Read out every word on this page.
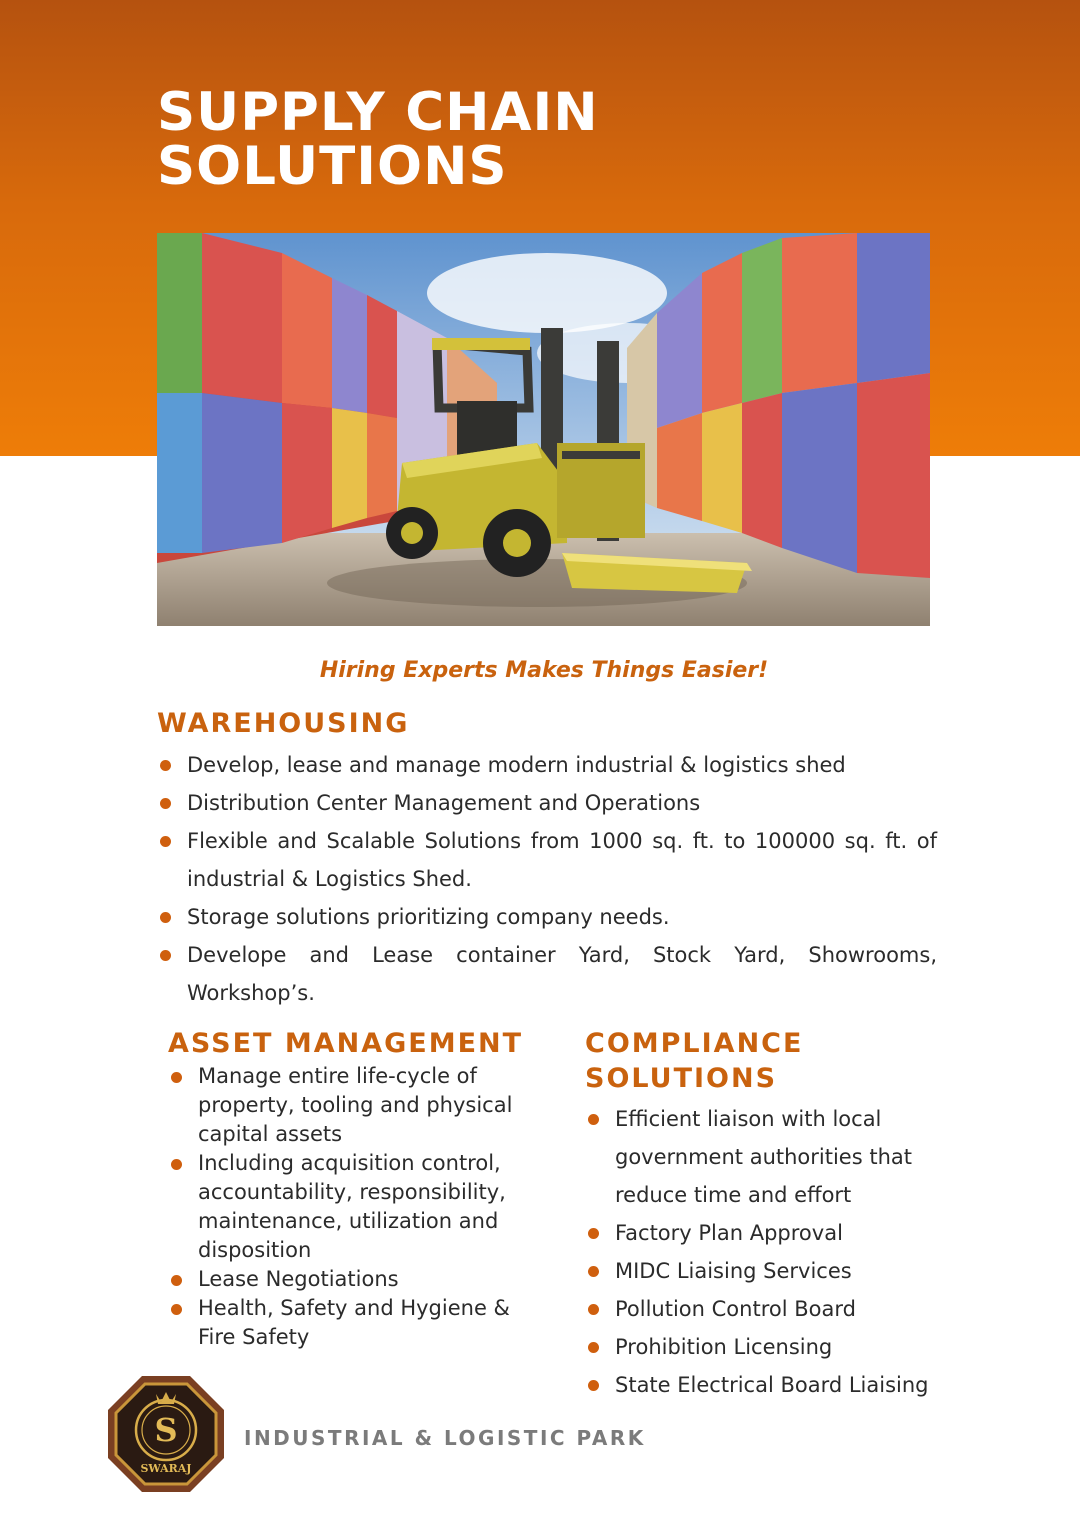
SUPPLY CHAIN
SOLUTIONS

Hiring Experts Makes Things Easier!

WAREHOUSING
Develop, lease and manage modern industrial & logistics shed
Distribution Center Management and Operations
Flexible and Scalable Solutions from 1000 sq. ft. to 100000 sq. ft. of industrial & Logistics Shed.
Storage solutions prioritizing company needs.
Develope and Lease container Yard, Stock Yard, Showrooms, Workshop’s.
ASSET MANAGEMENT
Manage entire life-cycle of property, tooling and physical capital assets
Including acquisition control, accountability, responsibility, maintenance, utilization and disposition
Lease Negotiations
Health, Safety and Hygiene & Fire Safety
COMPLIANCE
SOLUTIONS
Efficient liaison with local government authorities that reduce time and effort
Factory Plan Approval
MIDC Liaising Services
Pollution Control Board
Prohibition Licensing
State Electrical Board Liaising
S
SWARAJ

INDUSTRIAL & LOGISTIC PARK
